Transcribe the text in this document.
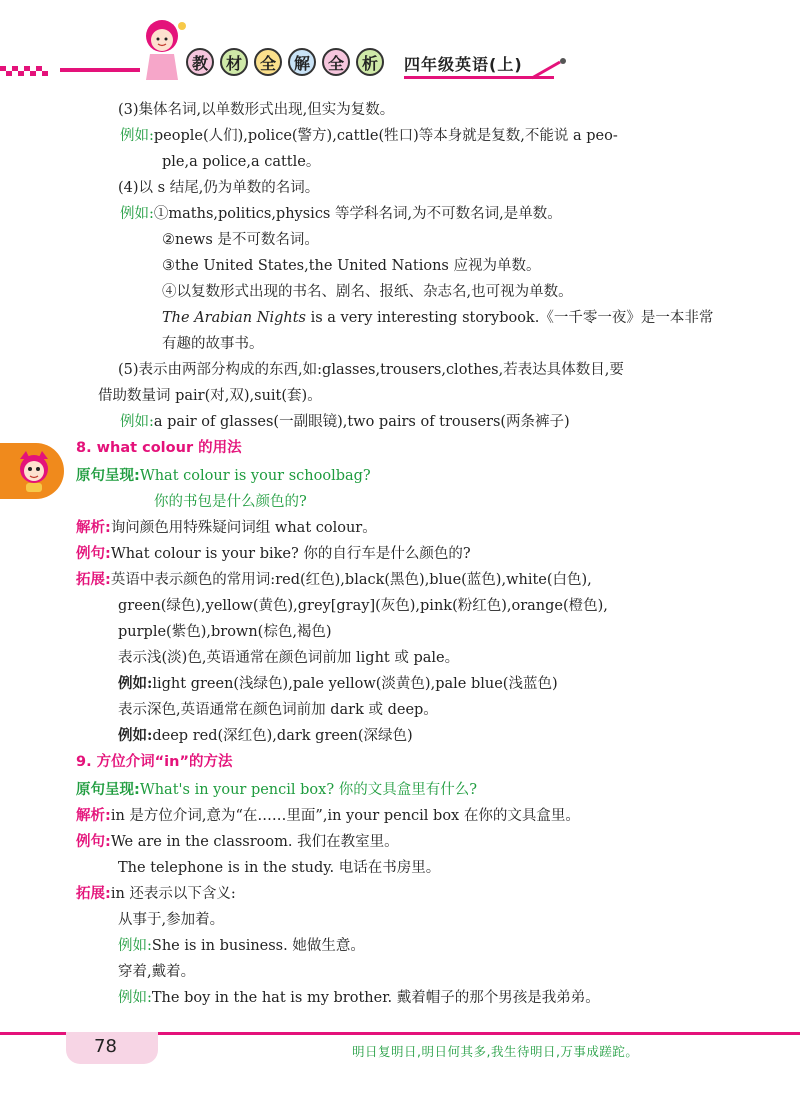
教	材	全	解	全	析	四年级英语(上)
(3)集体名词,以单数形式出现,但实为复数。
例如:people(人们),police(警方),cattle(牲口)等本身就是复数,不能说 a peo-
ple,a police,a cattle。
(4)以 s 结尾,仍为单数的名词。
例如:①maths,politics,physics 等学科名词,为不可数名词,是单数。
②news 是不可数名词。
③the United States,the United Nations 应视为单数。
④以复数形式出现的书名、剧名、报纸、杂志名,也可视为单数。
The Arabian Nights is a very interesting storybook.《一千零一夜》是一本非常
有趣的故事书。
(5)表示由两部分构成的东西,如:glasses,trousers,clothes,若表达具体数目,要
借助数量词 pair(对,双),suit(套)。
例如:a pair of glasses(一副眼镜),two pairs of trousers(两条裤子)
8. what colour 的用法
原句呈现:What colour is your schoolbag?
你的书包是什么颜色的?
解析:询问颜色用特殊疑问词组 what colour。
例句:What colour is your bike? 你的自行车是什么颜色的?
拓展:英语中表示颜色的常用词:red(红色),black(黑色),blue(蓝色),white(白色),
green(绿色),yellow(黄色),grey[gray](灰色),pink(粉红色),orange(橙色),
purple(紫色),brown(棕色,褐色)
表示浅(淡)色,英语通常在颜色词前加 light 或 pale。
例如:light green(浅绿色),pale yellow(淡黄色),pale blue(浅蓝色)
表示深色,英语通常在颜色词前加 dark 或 deep。
例如:deep red(深红色),dark green(深绿色)
9. 方位介词“in”的方法
原句呈现:What's in your pencil box? 你的文具盒里有什么?
解析:in 是方位介词,意为“在……里面”,in your pencil box 在你的文具盒里。
例句:We are in the classroom. 我们在教室里。
The telephone is in the study. 电话在书房里。
拓展:in 还表示以下含义:
从事于,参加着。
例如:She is in business. 她做生意。
穿着,戴着。
例如:The boy in the hat is my brother. 戴着帽子的那个男孩是我弟弟。
78	明日复明日,明日何其多,我生待明日,万事成蹉跎。
